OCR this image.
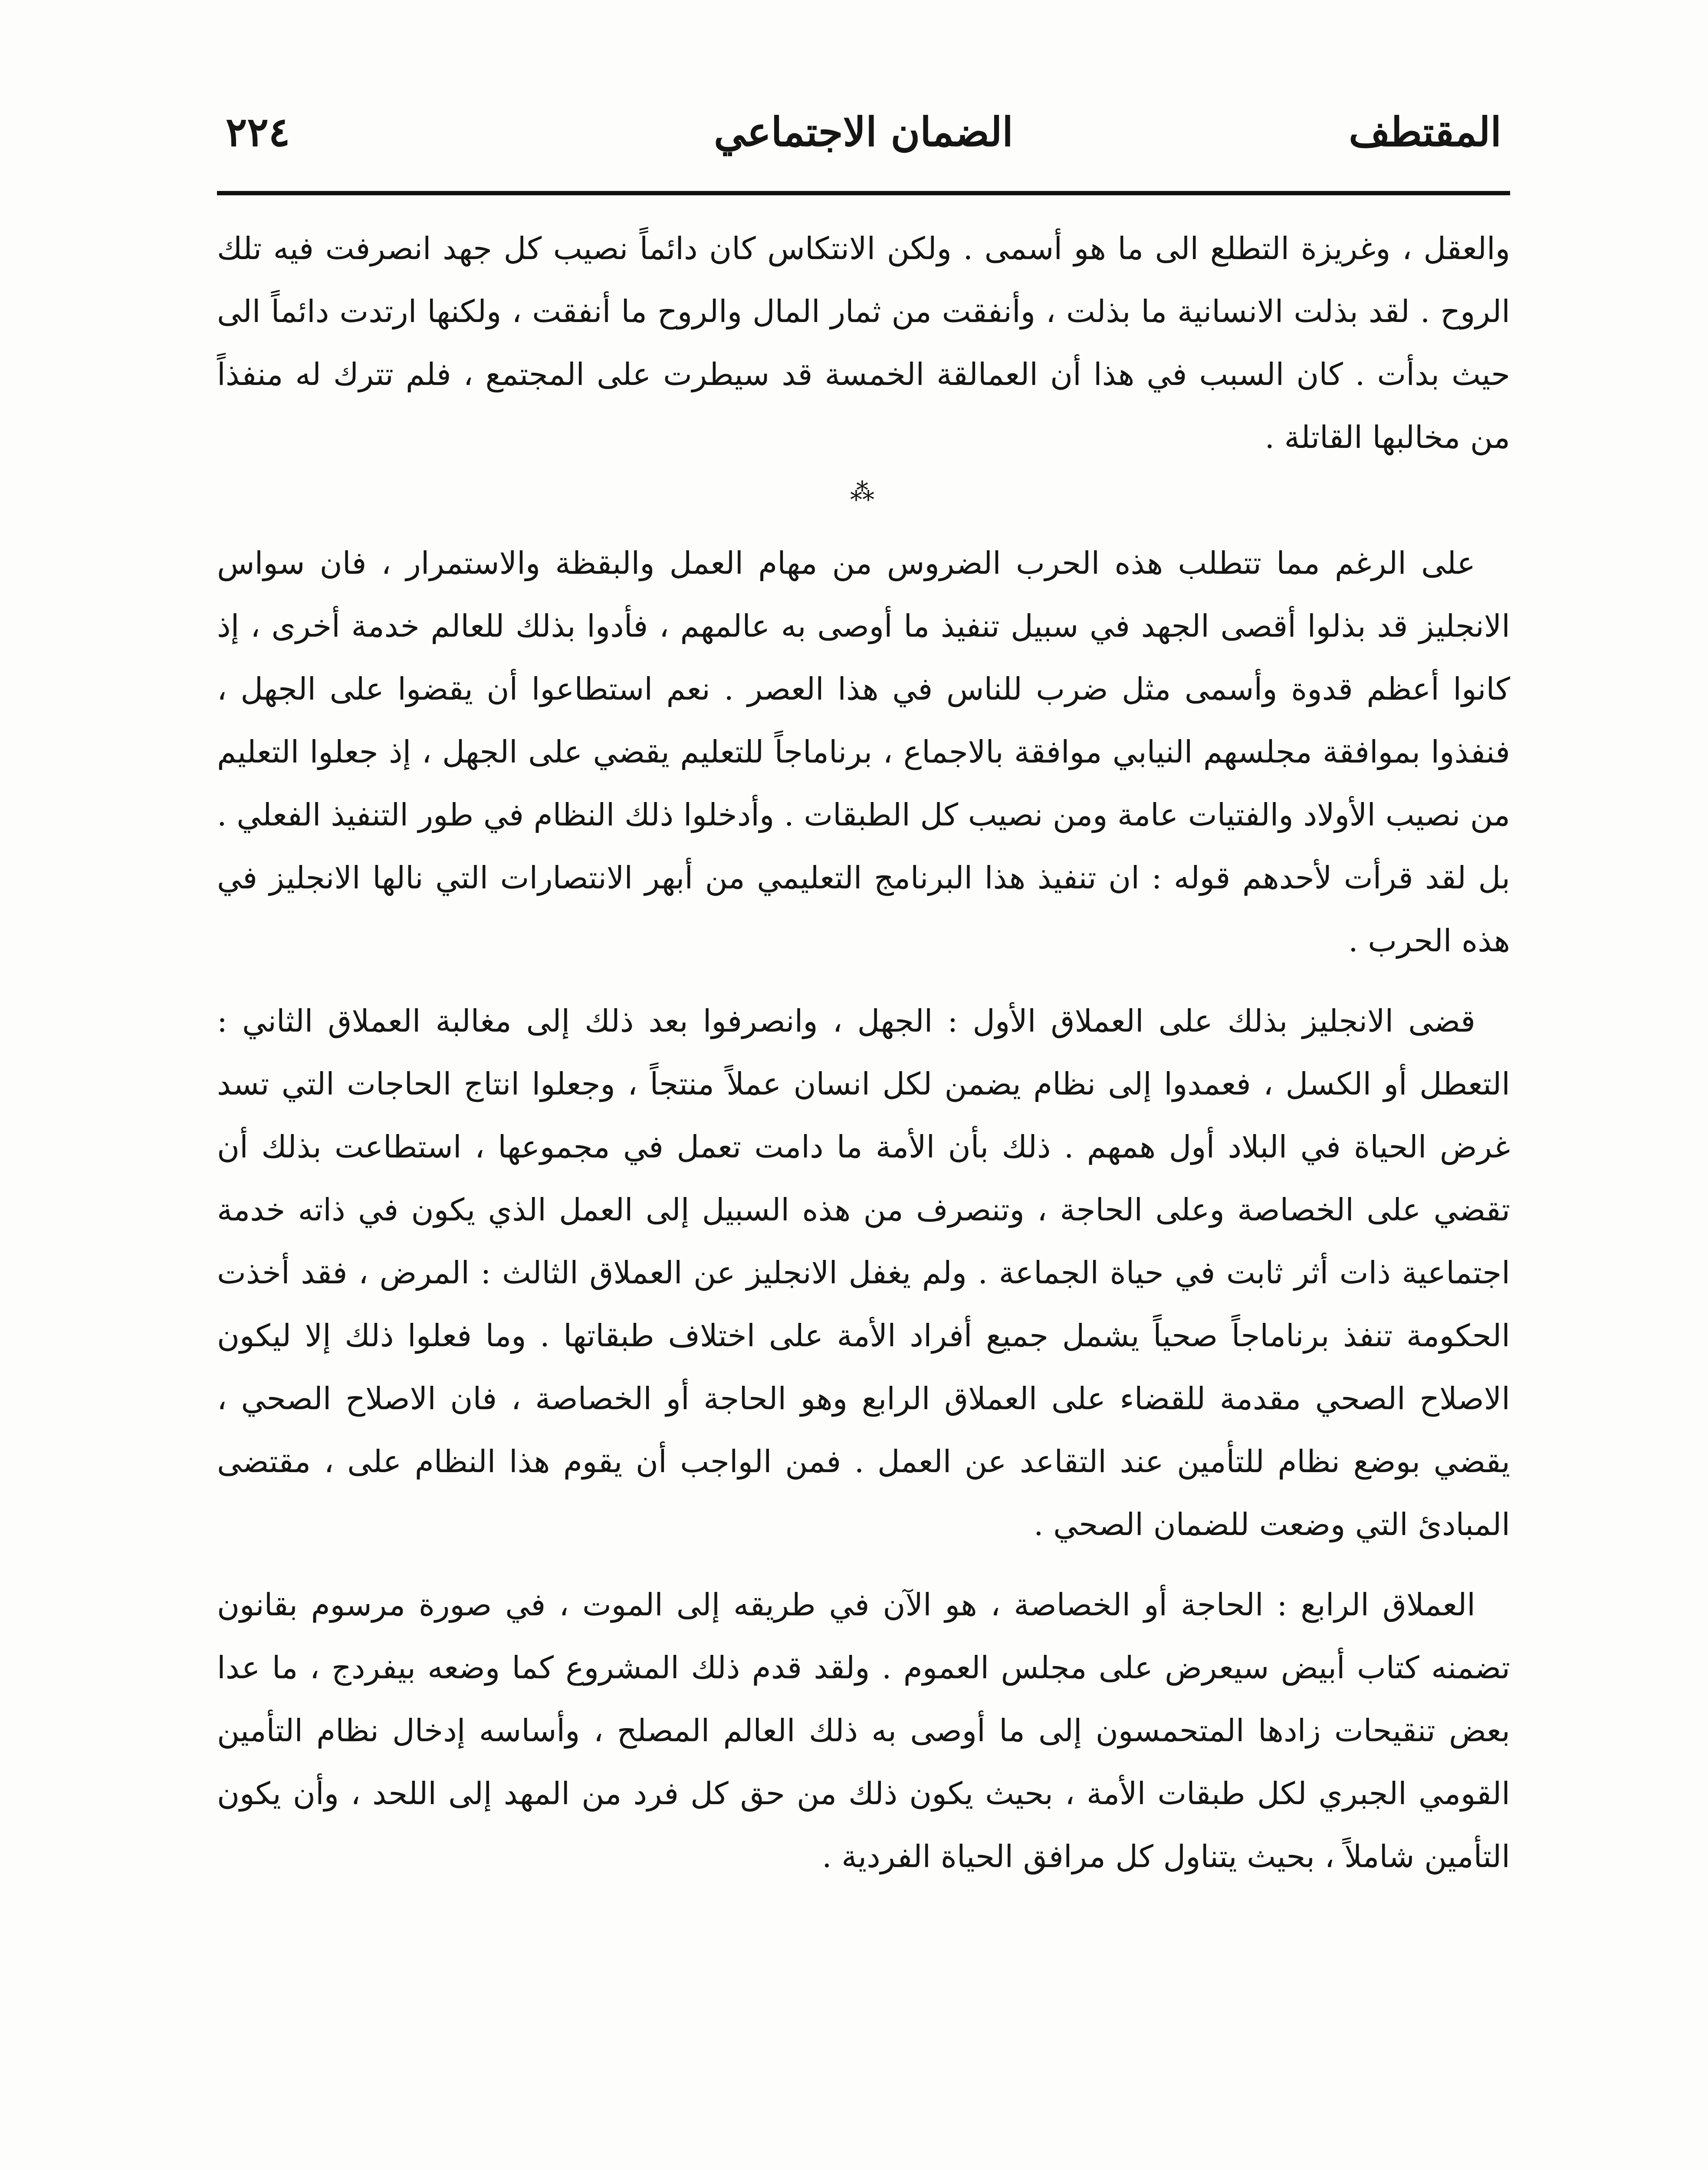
المقتطف
الضمان الاجتماعي
٢٢٤

والعقل ، وغريزة التطلع الى ما هو أسمى . ولكن الانتكاس كان دائماً نصيب كل جهد انصرفت فيه تلك الروح . لقد بذلت الانسانية ما بذلت ، وأنفقت من ثمار المال والروح ما أنفقت ، ولكنها ارتدت دائماً الى حيث بدأت . كان السبب في هذا أن العمالقة الخمسة قد سيطرت على المجتمع ، فلم تترك له منفذاً من مخالبها القاتلة .

⁂

على الرغم مما تتطلب هذه الحرب الضروس من مهام العمل والبقظة والاستمرار ، فان سواس الانجليز قد بذلوا أقصى الجهد في سبيل تنفيذ ما أوصى به عالمهم ، فأدوا بذلك للعالم خدمة أخرى ، إذ كانوا أعظم قدوة وأسمى مثل ضرب للناس في هذا العصر . نعم استطاعوا أن يقضوا على الجهل ، فنفذوا بموافقة مجلسهم النيابي موافقة بالاجماع ، برناماجاً للتعليم يقضي على الجهل ، إذ جعلوا التعليم من نصيب الأولاد والفتيات عامة ومن نصيب كل الطبقات . وأدخلوا ذلك النظام في طور التنفيذ الفعلي . بل لقد قرأت لأحدهم قوله : ان تنفيذ هذا البرنامج التعليمي من أبهر الانتصارات التي نالها الانجليز في هذه الحرب .

قضى الانجليز بذلك على العملاق الأول : الجهل ، وانصرفوا بعد ذلك إلى مغالبة العملاق الثاني : التعطل أو الكسل ، فعمدوا إلى نظام يضمن لكل انسان عملاً منتجاً ، وجعلوا انتاج الحاجات التي تسد غرض الحياة في البلاد أول همهم . ذلك بأن الأمة ما دامت تعمل في مجموعها ، استطاعت بذلك أن تقضي على الخصاصة وعلى الحاجة ، وتنصرف من هذه السبيل إلى العمل الذي يكون في ذاته خدمة اجتماعية ذات أثر ثابت في حياة الجماعة . ولم يغفل الانجليز عن العملاق الثالث : المرض ، فقد أخذت الحكومة تنفذ برناماجاً صحياً يشمل جميع أفراد الأمة على اختلاف طبقاتها . وما فعلوا ذلك إلا ليكون الاصلاح الصحي مقدمة للقضاء على العملاق الرابع وهو الحاجة أو الخصاصة ، فان الاصلاح الصحي ، يقضي بوضع نظام للتأمين عند التقاعد عن العمل . فمن الواجب أن يقوم هذا النظام على ، مقتضى المبادئ التي وضعت للضمان الصحي .

العملاق الرابع : الحاجة أو الخصاصة ، هو الآن في طريقه إلى الموت ، في صورة مرسوم بقانون تضمنه كتاب أبيض سيعرض على مجلس العموم . ولقد قدم ذلك المشروع كما وضعه بيفردج ، ما عدا بعض تنقيحات زادها المتحمسون إلى ما أوصى به ذلك العالم المصلح ، وأساسه إدخال نظام التأمين القومي الجبري لكل طبقات الأمة ، بحيث يكون ذلك من حق كل فرد من المهد إلى اللحد ، وأن يكون التأمين شاملاً ، بحيث يتناول كل مرافق الحياة الفردية .
